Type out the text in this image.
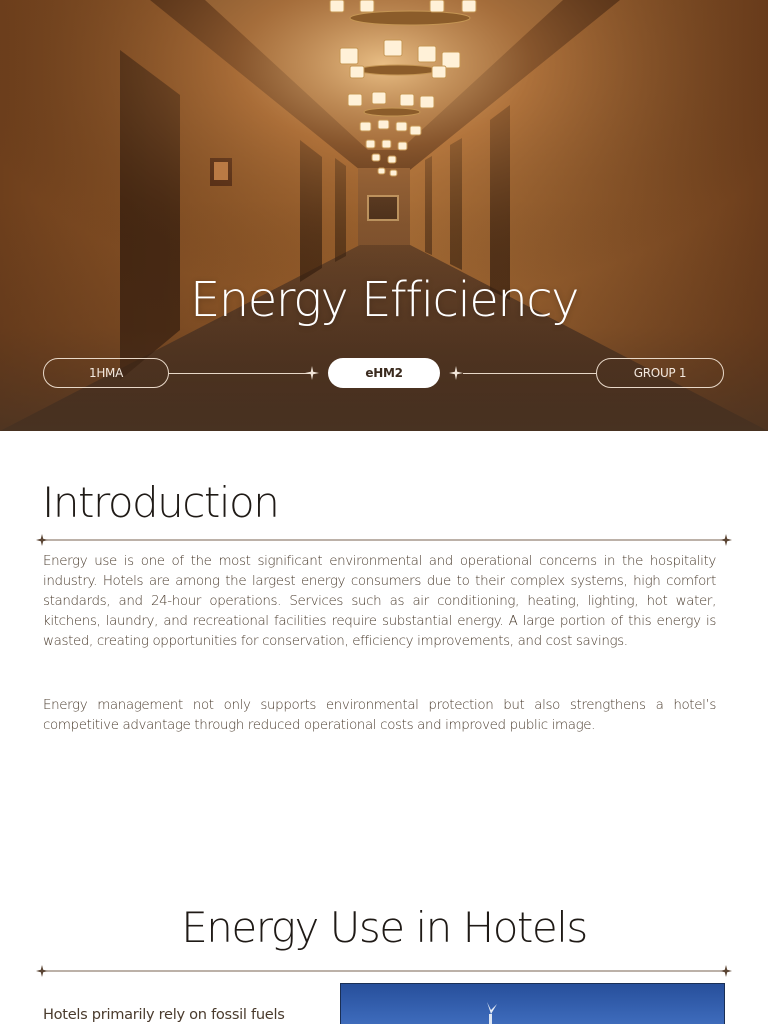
Energy Efficiency
1HMA	eHM2	GROUP 1
Introduction

Energy use is one of the most significant environmental and operational concerns in the hospitality industry. Hotels are among the largest energy consumers due to their complex systems, high comfort standards, and 24-hour operations. Services such as air conditioning, heating, lighting, hot water, kitchens, laundry, and recreational facilities require substantial energy. A large portion of this energy is wasted, creating opportunities for conservation, efficiency improvements, and cost savings.

Energy management not only supports environmental protection but also strengthens a hotel’s competitive advantage through reduced operational costs and improved public image.

Energy Use in Hotels

Hotels primarily rely on fossil fuels
